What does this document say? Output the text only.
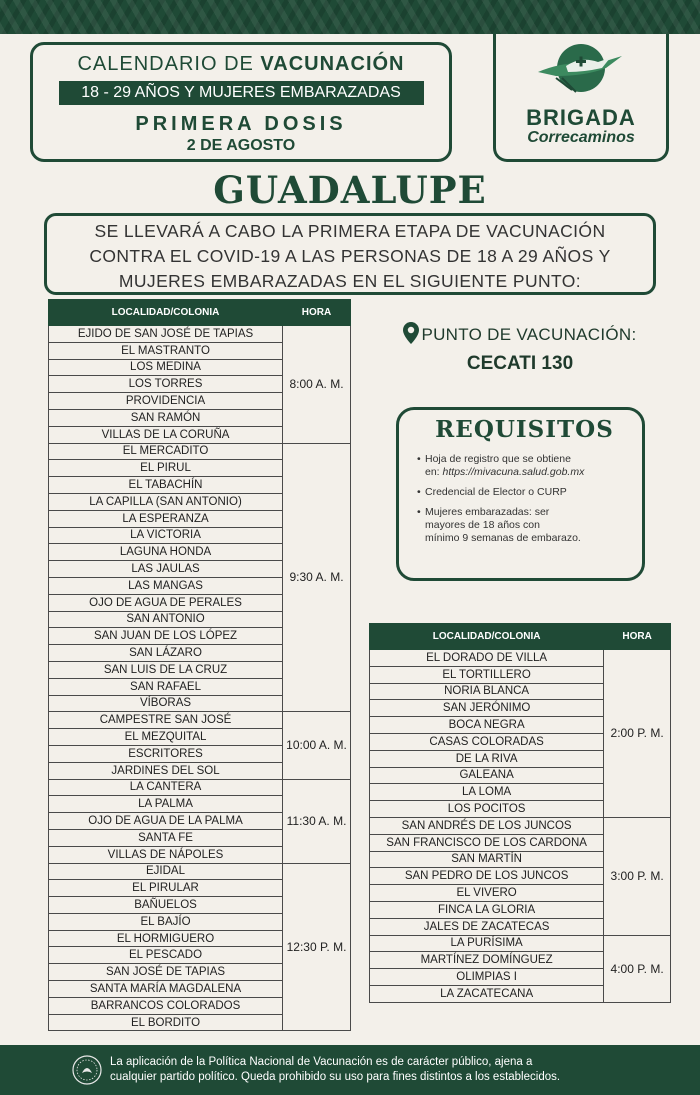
CALENDARIO DE VACUNACIÓN
18 - 29 AÑOS Y MUJERES EMBARAZADAS
PRIMERA DOSIS
2 DE AGOSTO
BRIGADA
Correcaminos
GUADALUPE
SE LLEVARÁ A CABO LA PRIMERA ETAPA DE VACUNACIÓN
CONTRA EL COVID-19 A LAS PERSONAS DE 18 A 29 AÑOS Y
MUJERES EMBARAZADAS EN EL SIGUIENTE PUNTO:
LOCALIDAD/COLONIA	HORA
EJIDO DE SAN JOSÉ DE TAPIAS	8:00 A. M.
EL MASTRANTO	
LOS MEDINA	
LOS TORRES	
PROVIDENCIA	
SAN RAMÓN	
VILLAS DE LA CORUÑA	
EL MERCADITO	9:30 A. M.
EL PIRUL	
EL TABACHÍN	
LA CAPILLA (SAN ANTONIO)	
LA ESPERANZA	
LA VICTORIA	
LAGUNA HONDA	
LAS JAULAS	
LAS MANGAS	
OJO DE AGUA DE PERALES	
SAN ANTONIO	
SAN JUAN DE LOS LÓPEZ	
SAN LÁZARO	
SAN LUIS DE LA CRUZ	
SAN RAFAEL	
VÍBORAS	
CAMPESTRE SAN JOSÉ	10:00 A. M.
EL MEZQUITAL	
ESCRITORES	
JARDINES DEL SOL	
LA CANTERA	11:30 A. M.
LA PALMA	
OJO DE AGUA DE LA PALMA	
SANTA FE	
VILLAS DE NÁPOLES	
EJIDAL	12:30 P. M.
EL PIRULAR	
BAÑUELOS	
EL BAJÍO	
EL HORMIGUERO	
EL PESCADO	
SAN JOSÉ DE TAPIAS	
SANTA MARÍA MAGDALENA	
BARRANCOS COLORADOS	
EL BORDITO	
PUNTO DE VACUNACIÓN:
CECATI 130
REQUISITOS
• Hoja de registro que se obtiene
en: https://mivacuna.salud.gob.mx
• Credencial de Elector o CURP
• Mujeres embarazadas: ser
mayores de 18 años con
mínimo 9 semanas de embarazo.
LOCALIDAD/COLONIA	HORA
EL DORADO DE VILLA	2:00 P. M.
EL TORTILLERO	
NORIA BLANCA	
SAN JERÓNIMO	
BOCA NEGRA	
CASAS COLORADAS	
DE LA RIVA	
GALEANA	
LA LOMA	
LOS POCITOS	
SAN ANDRÉS DE LOS JUNCOS	3:00 P. M.
SAN FRANCISCO DE LOS CARDONA	
SAN MARTÍN	
SAN PEDRO DE LOS JUNCOS	
EL VIVERO	
FINCA LA GLORIA	
JALES DE ZACATECAS	
LA PURÍSIMA	4:00 P. M.
MARTÍNEZ DOMÍNGUEZ	
OLIMPIAS I	
LA ZACATECANA	
La aplicación de la Política Nacional de Vacunación es de carácter público, ajena a
cualquier partido político. Queda prohibido su uso para fines distintos a los establecidos.
